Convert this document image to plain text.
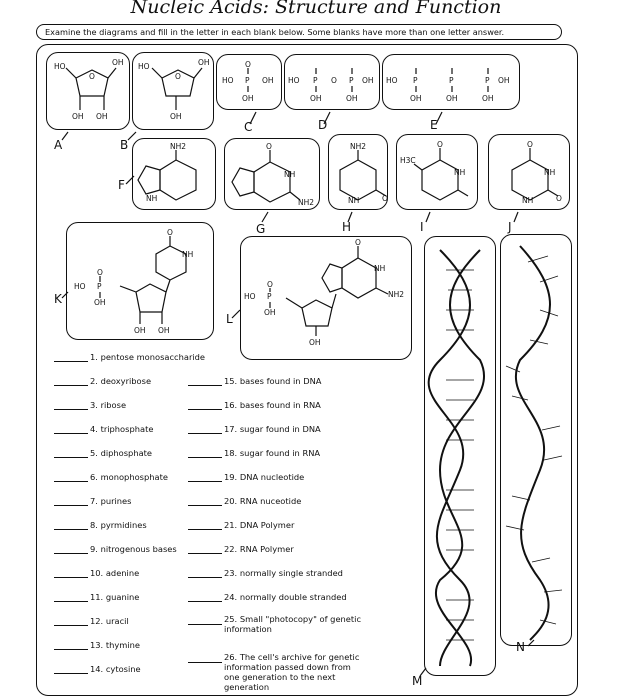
Nucleic Acids: Structure and Function
Examine the diagrams and fill in the letter in each blank below. Some blanks have more than one letter answer.
HO	OH
O
OH OH
HO	OH
O
OH
O
HO P OH
OH
HO P O P OH
OH	OH
HO P	P	P OH
OH	OH	OH
NH2
NH
O
NH
NH2
NH2
NH	O
H3C
O
NH
O
NH
NH	O
O
NH
HO P
O
OH
OH OH
O
NH
NH2
HO P
O
OH
OH
A	B
C	D	E
F
G	H	I	J
K
L
M
N
1. pentose monosaccharide
2. deoxyribose
3. ribose
4. triphosphate
5. diphosphate
6. monophosphate
7. purines
8. pyrmidines
9. nitrogenous bases
10. adenine
11. guanine
12. uracil
13. thymine
14. cytosine
15. bases found in DNA
16. bases found in RNA
17. sugar found in DNA
18. sugar found in RNA
19. DNA nucleotide
20. RNA nuceotide
21. DNA Polymer
22. RNA Polymer
23. normally single stranded
24. normally double stranded
25. Small "photocopy" of genetic information
26. The cell's archive for genetic information passed down from one generation to the next generation
